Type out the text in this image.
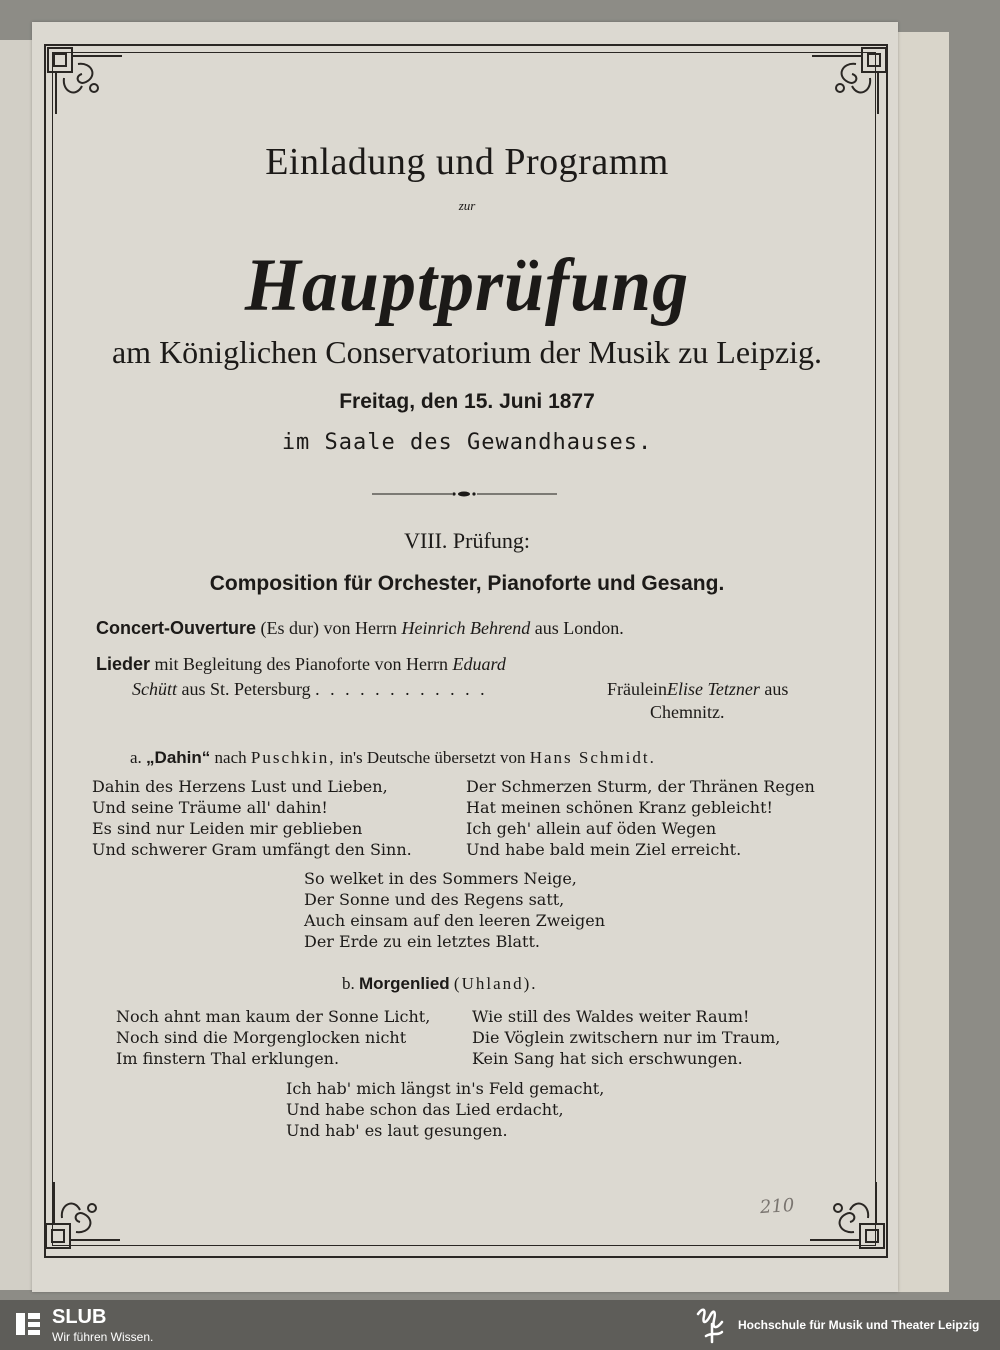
Einladung und Programm
zur
Hauptprüfung
am Königlichen Conservatorium der Musik zu Leipzig.
Freitag, den 15. Juni 1877
im Saale des Gewandhauses.
VIII. Prüfung:
Composition für Orchester, Pianoforte und Gesang.
Concert-Ouverture (Es dur) von Herrn Heinrich Behrend aus London.
Lieder mit Begleitung des Pianoforte von Herrn Eduard
Schütt aus St. Petersburg . . . . . . . . . . . .	FräuleinElise Tetzner aus
Chemnitz.
a. „Dahin“ nach Puschkin, in's Deutsche übersetzt von Hans Schmidt.
Dahin des Herzens Lust und Lieben,
Und seine Träume all' dahin!
Es sind nur Leiden mir geblieben
Und schwerer Gram umfängt den Sinn.
Der Schmerzen Sturm, der Thränen Regen
Hat meinen schönen Kranz gebleicht!
Ich geh' allein auf öden Wegen
Und habe bald mein Ziel erreicht.
So welket in des Sommers Neige,
Der Sonne und des Regens satt,
Auch einsam auf den leeren Zweigen
Der Erde zu ein letztes Blatt.
b. Morgenlied (Uhland).
Noch ahnt man kaum der Sonne Licht,
Noch sind die Morgenglocken nicht
Im finstern Thal erklungen.
Wie still des Waldes weiter Raum!
Die Vöglein zwitschern nur im Traum,
Kein Sang hat sich erschwungen.
Ich hab' mich längst in's Feld gemacht,
Und habe schon das Lied erdacht,
Und hab' es laut gesungen.
210
SLUB
Wir führen Wissen.
Hochschule für Musik und Theater Leipzig
